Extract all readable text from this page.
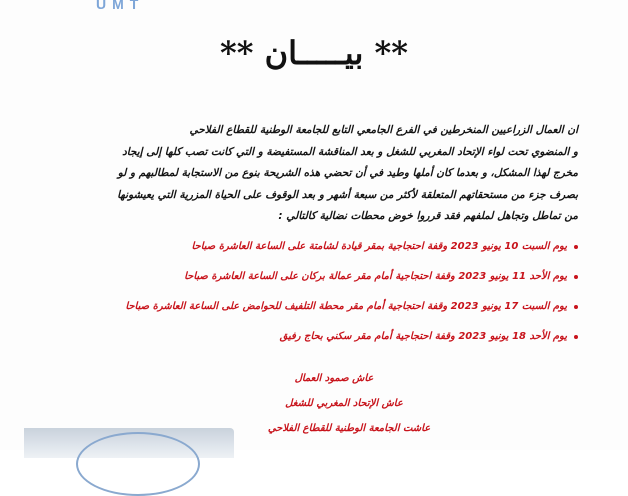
UMT
** بيـــــان **
ان العمال الزراعيين المنخرطين في الفرع الجامعي التابع للجامعة الوطنية للقطاع الفلاحي
و المنضوي تحت لواء الإتحاد المغربي للشغل و بعد المناقشة المستفيضة و التي كانت تصب كلها إلى إيجاد
مخرج لهذا المشكل، و بعدما كان أملها وطيد في أن تحضي هذه الشريحة بنوع من الاستجابة لمطالبهم و لو
بصرف جزء من مستحقاتهم المتعلقة لأكثر من سبعة أشهر و بعد الوقوف على الحياة المزرية التي يعيشونها
من تماطل وتجاهل لملفهم فقد قرروا خوض محطات نضالية كالتالي :
يوم السبت 10 يونيو 2023 وقفة احتجاجية بمقر قيادة لشامتة على الساعة العاشرة صباحا
يوم الأحد 11 يونيو 2023 وقفة احتجاجية أمام مقر عمالة بركان على الساعة العاشرة صباحا
يوم السبت 17 يونيو 2023 وقفة احتجاجية أمام مقر محطة التلفيف للحوامض على الساعة العاشرة صباحا
يوم الأحد 18 يونيو 2023 وقفة احتجاجية أمام مقر سكني بحاج رفيق
عاش صمود العمال
عاش الإتحاد المغربي للشغل
عاشت الجامعة الوطنية للقطاع الفلاحي
